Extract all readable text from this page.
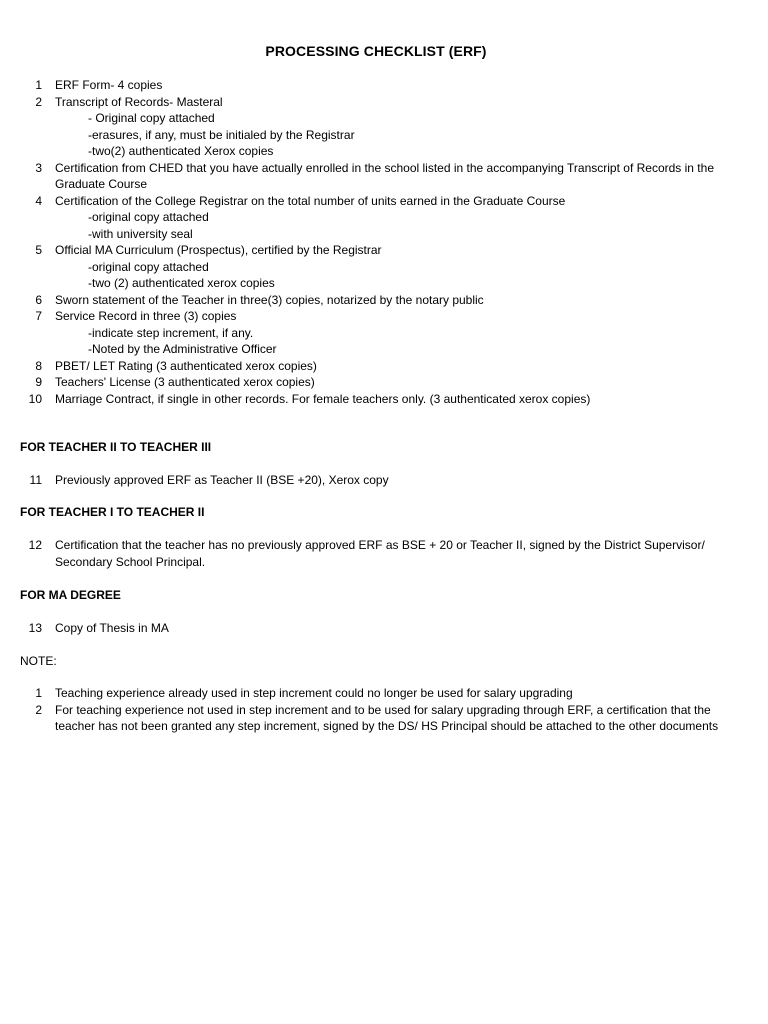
PROCESSING CHECKLIST (ERF)
1 ERF Form- 4 copies
2 Transcript of Records- Masteral
- Original copy attached
-erasures, if any, must be initialed by the Registrar
-two(2) authenticated Xerox copies
3 Certification from CHED that you have actually enrolled in the school listed in the accompanying Transcript of Records in the Graduate Course
4 Certification of the College Registrar on the total number of units earned in the Graduate Course
-original copy attached
-with university seal
5 Official MA Curriculum (Prospectus), certified by the Registrar
-original copy attached
-two (2) authenticated xerox copies
6 Sworn statement of the Teacher in three(3) copies, notarized by the notary public
7 Service Record in three (3) copies
-indicate step increment, if any.
-Noted by the Administrative Officer
8 PBET/ LET Rating (3 authenticated xerox copies)
9 Teachers' License (3 authenticated xerox copies)
10 Marriage Contract, if single in other records. For female teachers only. (3 authenticated xerox copies)
FOR TEACHER II TO TEACHER III
11 Previously approved ERF as Teacher II (BSE +20), Xerox copy
FOR TEACHER I TO TEACHER II
12 Certification that the teacher has no previously approved ERF as BSE + 20 or Teacher II, signed by the District Supervisor/ Secondary School Principal.
FOR MA DEGREE
13 Copy of Thesis in MA
NOTE:
1 Teaching experience already used in step increment could no longer be used for salary upgrading
2 For teaching experience not used in step increment and to be used for salary upgrading through ERF, a certification that the teacher has not been granted any step increment, signed by the DS/ HS Principal should be attached to the other documents
